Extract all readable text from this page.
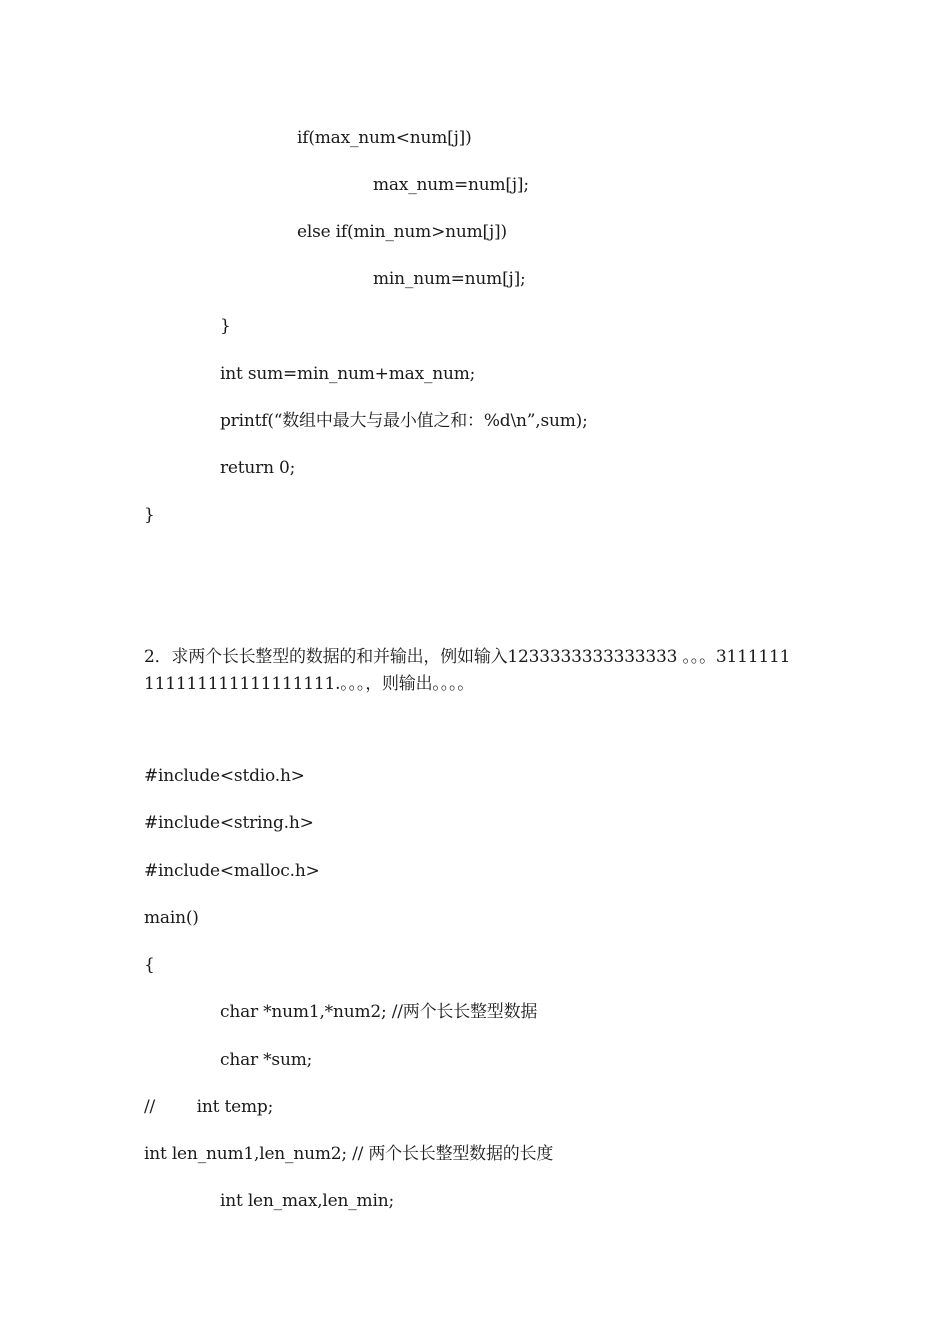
if(max_num<num[j])
max_num=num[j];
else if(min_num>num[j])
min_num=num[j];
}
int sum=min_num+max_num;
printf(“数组中最大与最小值之和：%d\n”,sum);
return 0;
}
2．求两个长长整型的数据的和并输出，例如输入1233333333333333 。。。3111111111111111111111111.。。。，则输出。。。。
#include<stdio.h>
#include<string.h>
#include<malloc.h>
main()
{
char *num1,*num2; //两个长长整型数据
char *sum;
//        int temp;
int len_num1,len_num2; // 两个长长整型数据的长度
int len_max,len_min;
